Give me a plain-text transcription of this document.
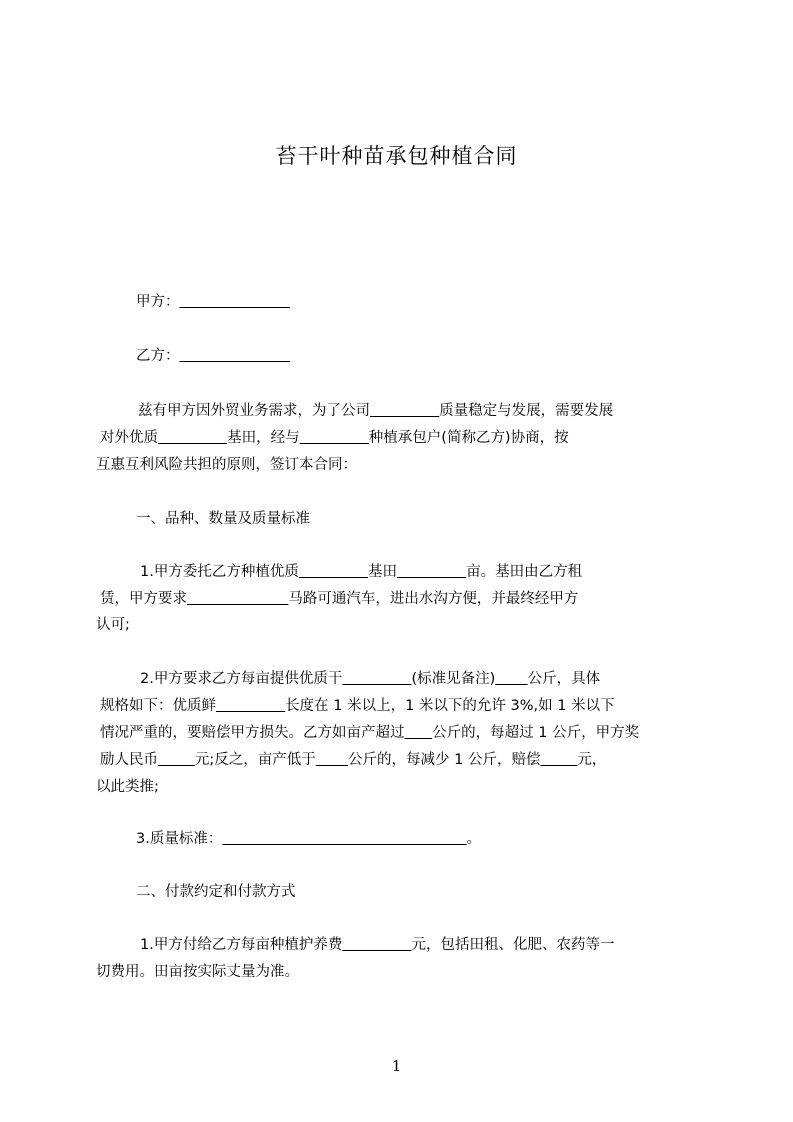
苔干叶种苗承包种植合同
甲方：
乙方：
兹有甲方因外贸业务需求，为了公司	质量稳定与发展，需要发展
对外优质	基田，经与	种植承包户(简称乙方)协商，按
互惠互利风险共担的原则，签订本合同：
一、品种、数量及质量标准
1.甲方委托乙方种植优质	基田	亩。基田由乙方租
赁，甲方要求	马路可通汽车，进出水沟方便，并最终经甲方
认可;
2.甲方要求乙方每亩提供优质干	(标准见备注) 公斤，具体
规格如下：优质鲜	长度在 1 米以上，1 米以下的允许 3%,如 1 米以下
情况严重的，要赔偿甲方损失。乙方如亩产超过 公斤的，每超过 1 公斤，甲方奖
励人民币	元;反之，亩产低于 公斤的，每减少 1 公斤，赔偿	元，
以此类推;
3.质量标准：	。
二、付款约定和付款方式
1.甲方付给乙方每亩种植护养费	元，包括田租、化肥、农药等一
切费用。田亩按实际丈量为准。
1
